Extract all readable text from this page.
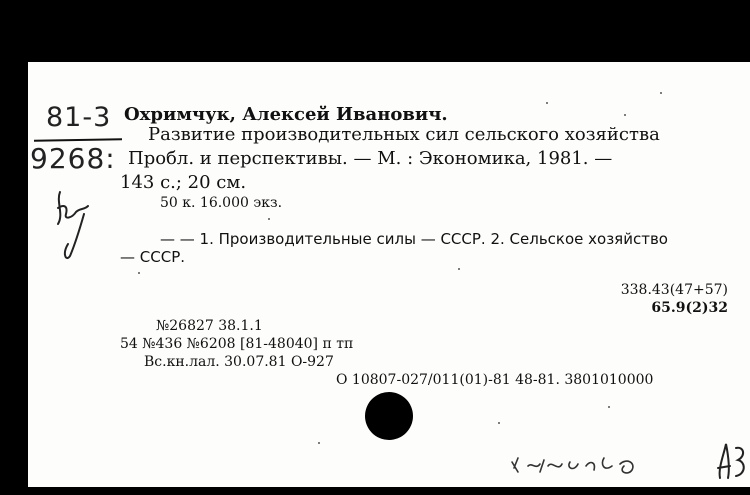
81-3
9268:
Охримчук, Алексей Иванович.
Развитие производительных сил сельского хозяйства
Пробл. и перспективы. — М. : Экономика, 1981. —
143 с.; 20 см.
50 к. 16.000 экз.
— — 1. Производительные силы — СССР. 2. Сельское хозяйство
— СССР.
338.43(47+57)
65.9(2)32
№26827 38.1.1
54 №436 №6208 [81-48040] п тп
Вс.кн.лал. 30.07.81 О-927
О 10807-027/011(01)-81 48-81. 3801010000
